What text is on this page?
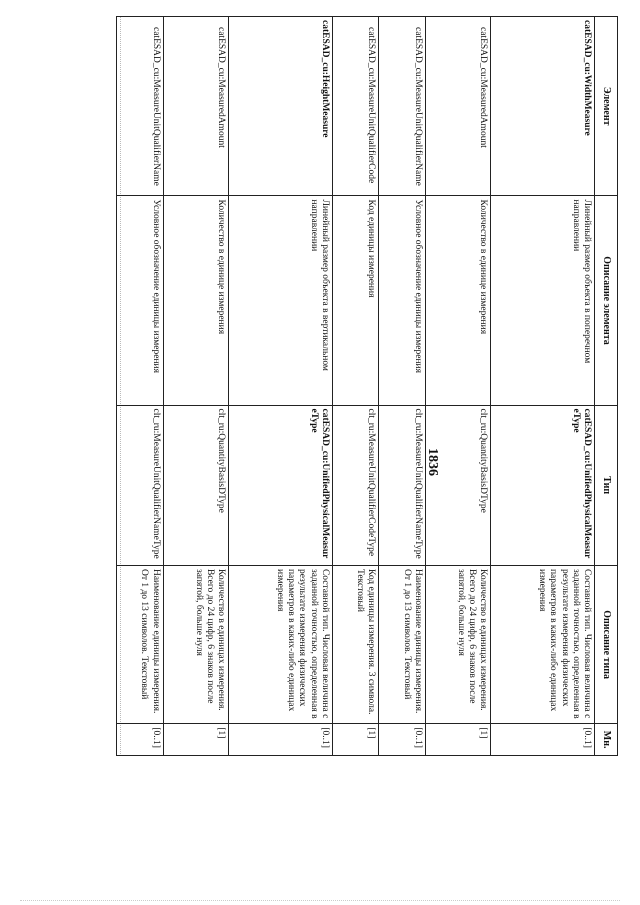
1836
Элемент	Описание элемента	Тип	Описание типа	Мн.
catESAD_cu:WidthMeasure	Линейный размер объекта в поперечном направлении	catESAD_cu:UnifiedPhysicalMeasureType	Составной тип. Числовая величина с заданной точностью, определенная в результате измерения физических параметров в каких-либо единицах измерения	[0..1]
catESAD_cu:MeasuredAmount	Количество в единице измерения	clt_ru:QuantityBasisDType	Количество в единицах измерения. Всего до 24 цифр, 6 знаков после запятой, больше нуля	[1]
catESAD_cu:MeasureUnitQualifierName	Условное обозначение единицы измерения	clt_ru:MeasureUnitQualifierNameType	Наименование единицы измерения. От 1 до 13 символов. Текстовый	[0..1]
catESAD_cu:MeasureUnitQualifierCode	Код единицы измерения	clt_ru:MeasureUnitQualifierCodeType	Код единицы измерения. 3 символа. Текстовый	[1]
catESAD_cu:HeightMeasure	Линейный размер объекта в вертикальном направлении	catESAD_cu:UnifiedPhysicalMeasureType	Составной тип. Числовая величина с заданной точностью, определенная в результате измерения физических параметров в каких-либо единицах измерения	[0..1]
catESAD_cu:MeasuredAmount	Количество в единице измерения	clt_ru:QuantityBasisDType	Количество в единицах измерения. Всего до 24 цифр, 6 знаков после запятой, больше нуля	[1]
catESAD_cu:MeasureUnitQualifierName	Условное обозначение единицы измерения	clt_ru:MeasureUnitQualifierNameType	Наименование единицы измерения. От 1 до 13 символов. Текстовый	[0..1]
